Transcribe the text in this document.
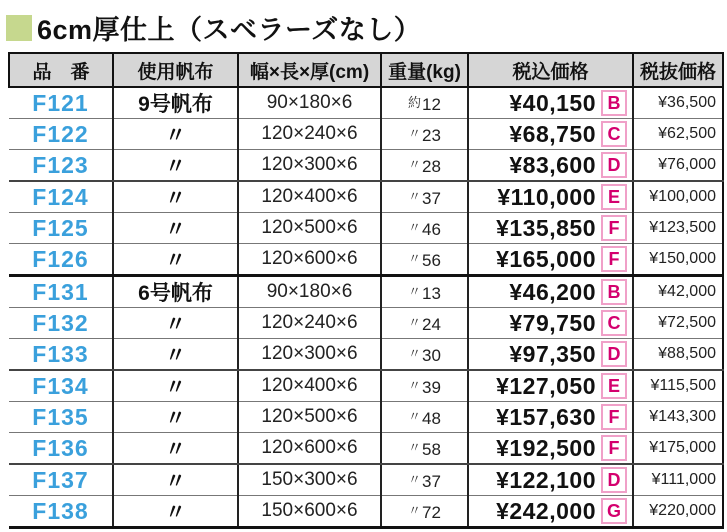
6cm厚仕上（スベラーズなし）
品　番	使用帆布	幅×長×厚(cm)	重量(kg)	税込価格	税抜価格
F121	9号帆布	90×180×6	約12	¥40,150 B	¥36,500
F122	〃	120×240×6	〃23	¥68,750 C	¥62,500
F123	〃	120×300×6	〃28	¥83,600 D	¥76,000
F124	〃	120×400×6	〃37	¥110,000 E	¥100,000
F125	〃	120×500×6	〃46	¥135,850 F	¥123,500
F126	〃	120×600×6	〃56	¥165,000 F	¥150,000
F131	6号帆布	90×180×6	〃13	¥46,200 B	¥42,000
F132	〃	120×240×6	〃24	¥79,750 C	¥72,500
F133	〃	120×300×6	〃30	¥97,350 D	¥88,500
F134	〃	120×400×6	〃39	¥127,050 E	¥115,500
F135	〃	120×500×6	〃48	¥157,630 F	¥143,300
F136	〃	120×600×6	〃58	¥192,500 F	¥175,000
F137	〃	150×300×6	〃37	¥122,100 D	¥111,000
F138	〃	150×600×6	〃72	¥242,000 G	¥220,000
